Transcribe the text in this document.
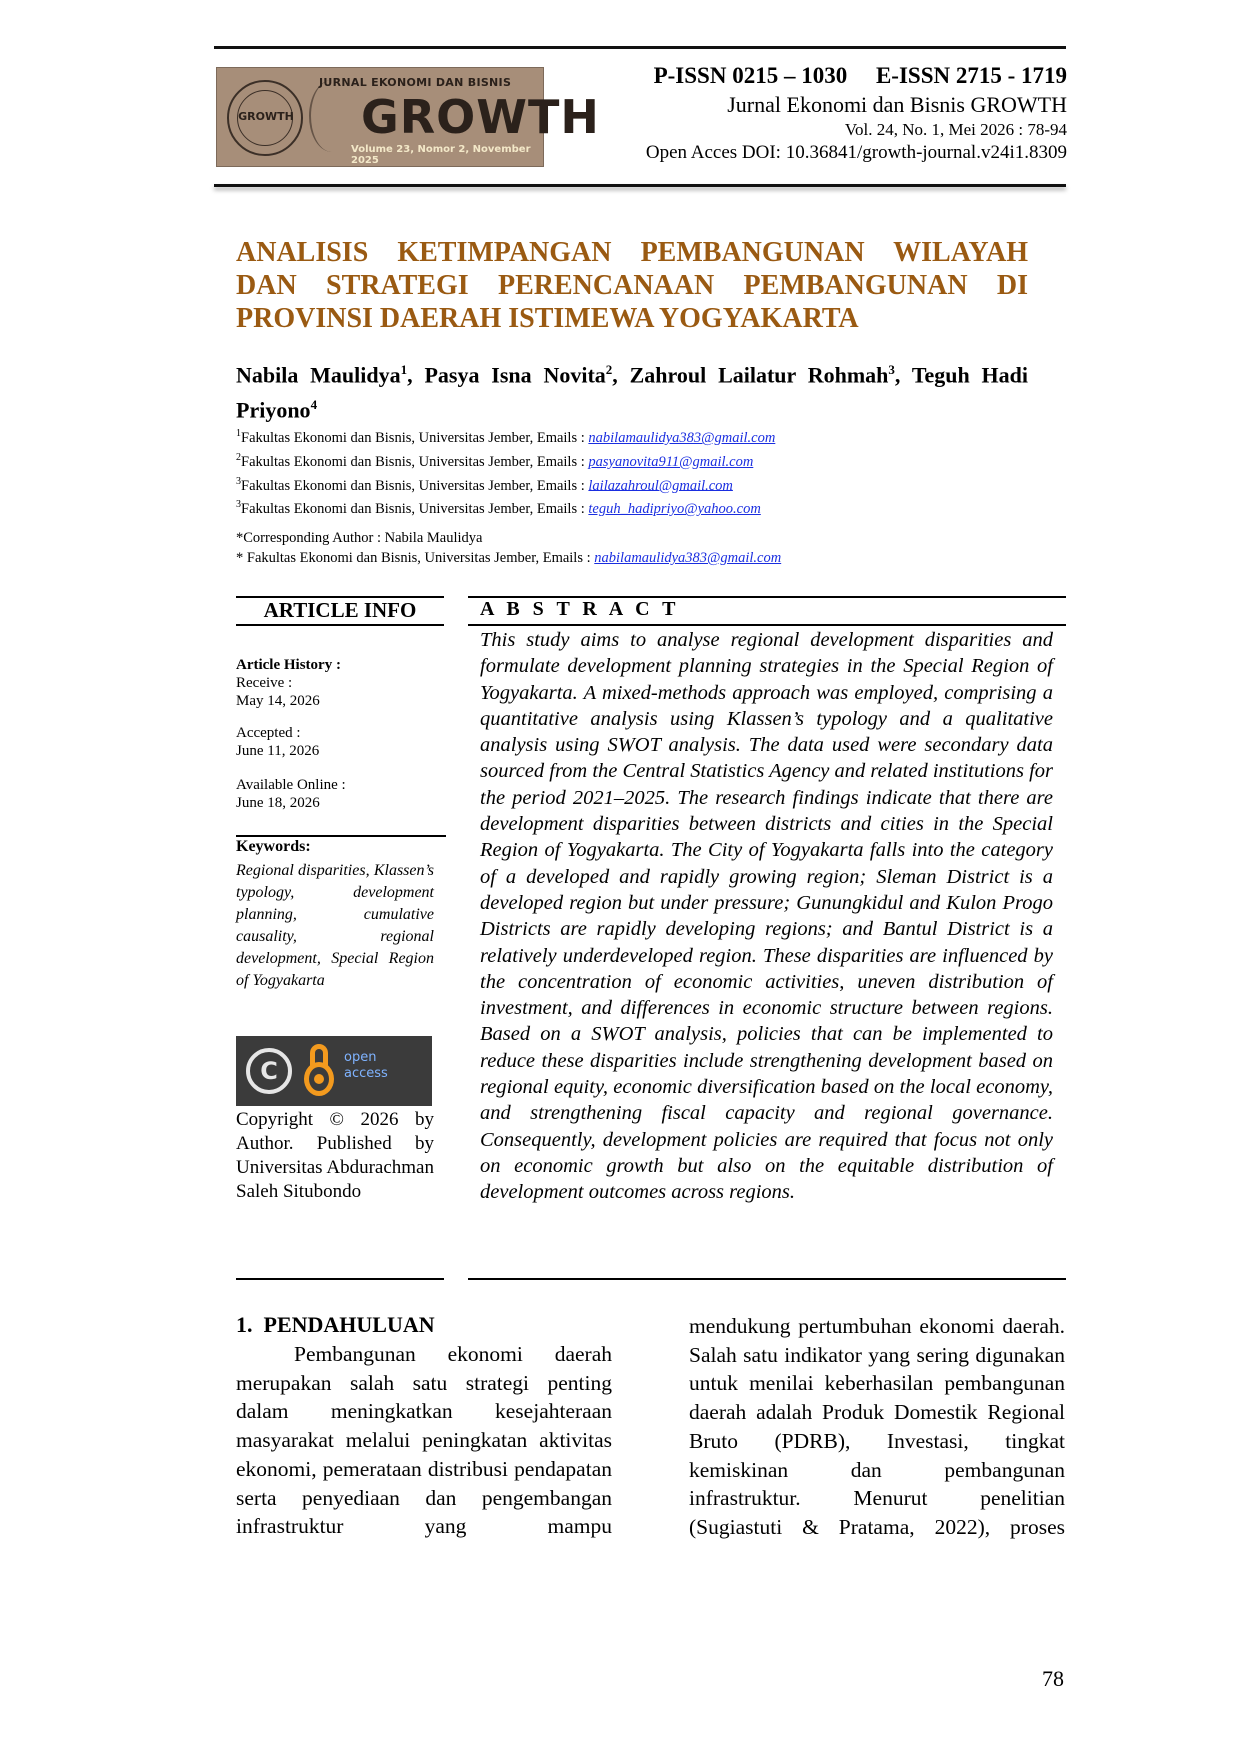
GROWTH
JURNAL EKONOMI DAN BISNIS
GROWTH
Volume 23, Nomor 2, November 2025
P-ISSN 0215 – 1030     E-ISSN 2715 - 1719
Jurnal Ekonomi dan Bisnis GROWTH
Vol. 24, No. 1, Mei 2026 : 78-94
Open Acces DOI: 10.36841/growth-journal.v24i1.8309
ANALISIS KETIMPANGAN PEMBANGUNAN WILAYAH DAN STRATEGI PERENCANAAN PEMBANGUNAN DI PROVINSI DAERAH ISTIMEWA YOGYAKARTA

Nabila Maulidya$^1$, Pasya Isna Novita$^2$, Zahroul Lailatur Rohmah$^3$, Teguh Hadi Priyono$^4$

$^1$Fakultas Ekonomi dan Bisnis, Universitas Jember, Emails : nabilamaulidya383@gmail.com
$^2$Fakultas Ekonomi dan Bisnis, Universitas Jember, Emails : pasyanovita911@gmail.com
$^3$Fakultas Ekonomi dan Bisnis, Universitas Jember, Emails : lailazahroul@gmail.com
$^3$Fakultas Ekonomi dan Bisnis, Universitas Jember, Emails : teguh_hadipriyo@yahoo.com
*Corresponding Author : Nabila Maulidya
* Fakultas Ekonomi dan Bisnis, Universitas Jember, Emails : nabilamaulidya383@gmail.com
ARTICLE INFO
Article History :
Receive :
May 14, 2026
Accepted :
June 11, 2026
Available Online :
June 18, 2026
Keywords:
Regional disparities, Klassen’s typology, development planning, cumulative causality, regional development, Special Region of Yogyakarta
C	open
access
Copyright © 2026 by Author. Published by Universitas Abdurachman Saleh Situbondo
A B S T R A C T

This study aims to analyse regional development disparities and formulate development planning strategies in the Special Region of Yogyakarta. A mixed-methods approach was employed, comprising a quantitative analysis using Klassen’s typology and a qualitative analysis using SWOT analysis. The data used were secondary data sourced from the Central Statistics Agency and related institutions for the period 2021–2025. The research findings indicate that there are development disparities between districts and cities in the Special Region of Yogyakarta. The City of Yogyakarta falls into the category of a developed and rapidly growing region; Sleman District is a developed region but under pressure; Gunungkidul and Kulon Progo Districts are rapidly developing regions; and Bantul District is a relatively underdeveloped region. These disparities are influenced by the concentration of economic activities, uneven distribution of investment, and differences in economic structure between regions. Based on a SWOT analysis, policies that can be implemented to reduce these disparities include strengthening development based on regional equity, economic diversification based on the local economy, and strengthening fiscal capacity and regional governance. Consequently, development policies are required that focus not only on economic growth but also on the equitable distribution of development outcomes across regions.

1.  PENDAHULUAN

Pembangunan ekonomi daerah merupakan salah satu strategi penting dalam meningkatkan kesejahteraan masyarakat melalui peningkatan aktivitas ekonomi, pemerataan distribusi pendapatan serta penyediaan dan pengembangan infrastruktur yang mampu

mendukung pertumbuhan ekonomi daerah. Salah satu indikator yang sering digunakan untuk menilai keberhasilan pembangunan daerah adalah Produk Domestik Regional Bruto (PDRB), Investasi, tingkat kemiskinan dan pembangunan infrastruktur. Menurut penelitian (Sugiastuti & Pratama, 2022), proses

78
